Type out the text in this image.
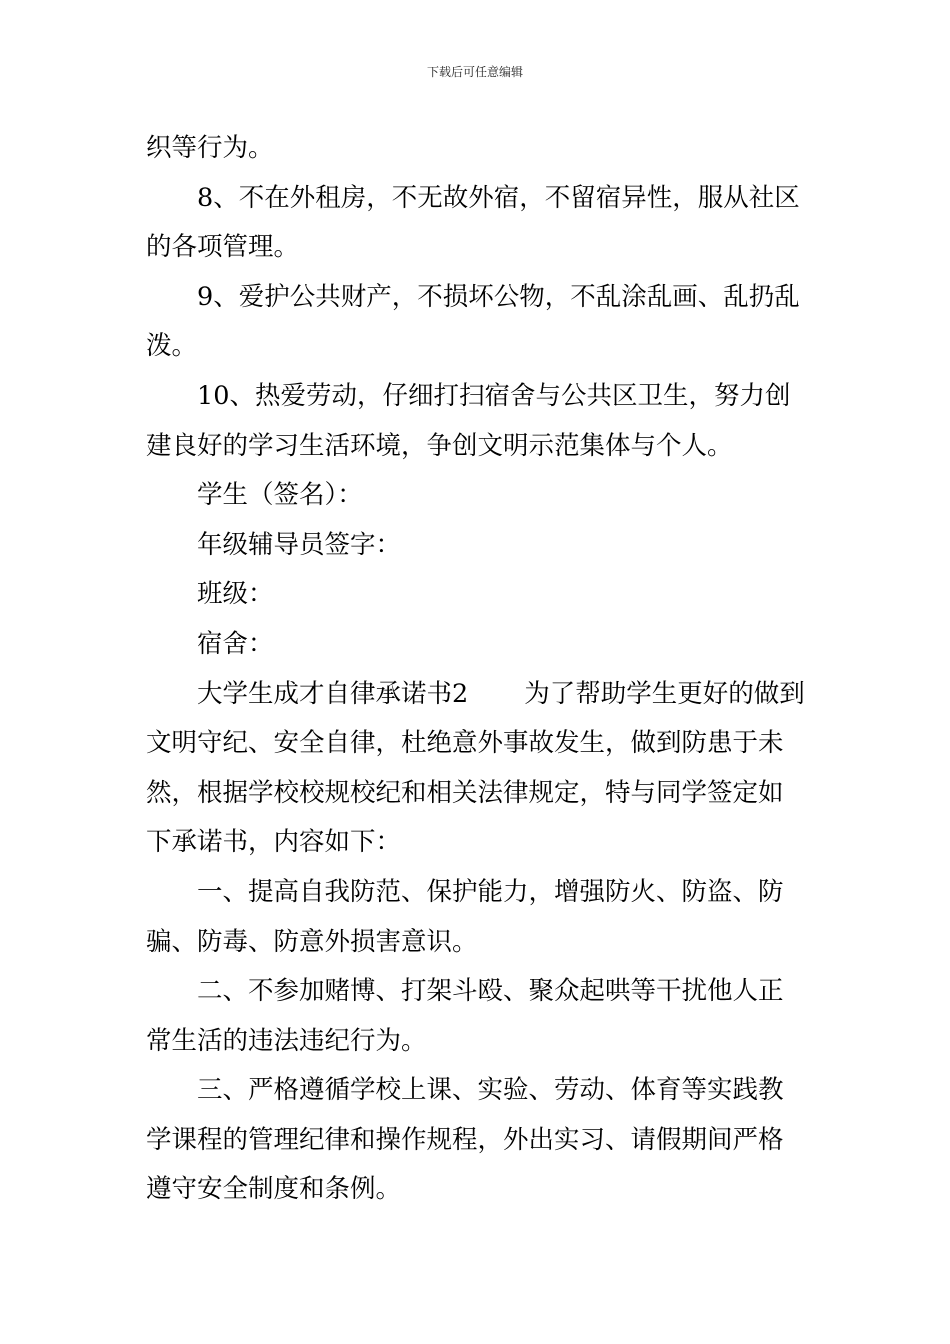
下载后可任意编辑

织等行为。

8、不在外租房，不无故外宿，不留宿异性，服从社区

的各项管理。

9、爱护公共财产，不损坏公物，不乱涂乱画、乱扔乱

泼。

10、热爱劳动，仔细打扫宿舍与公共区卫生，努力创

建良好的学习生活环境，争创文明示范集体与个人。

学生（签名）：

年级辅导员签字：

班级：

宿舍：

大学生成才自律承诺书2 为了帮助学生更好的做到

文明守纪、安全自律，杜绝意外事故发生，做到防患于未

然，根据学校校规校纪和相关法律规定，特与同学签定如

下承诺书，内容如下：

一、提高自我防范、保护能力，增强防火、防盗、防

骗、防毒、防意外损害意识。

二、不参加赌博、打架斗殴、聚众起哄等干扰他人正

常生活的违法违纪行为。

三、严格遵循学校上课、实验、劳动、体育等实践教

学课程的管理纪律和操作规程，外出实习、请假期间严格

遵守安全制度和条例。
